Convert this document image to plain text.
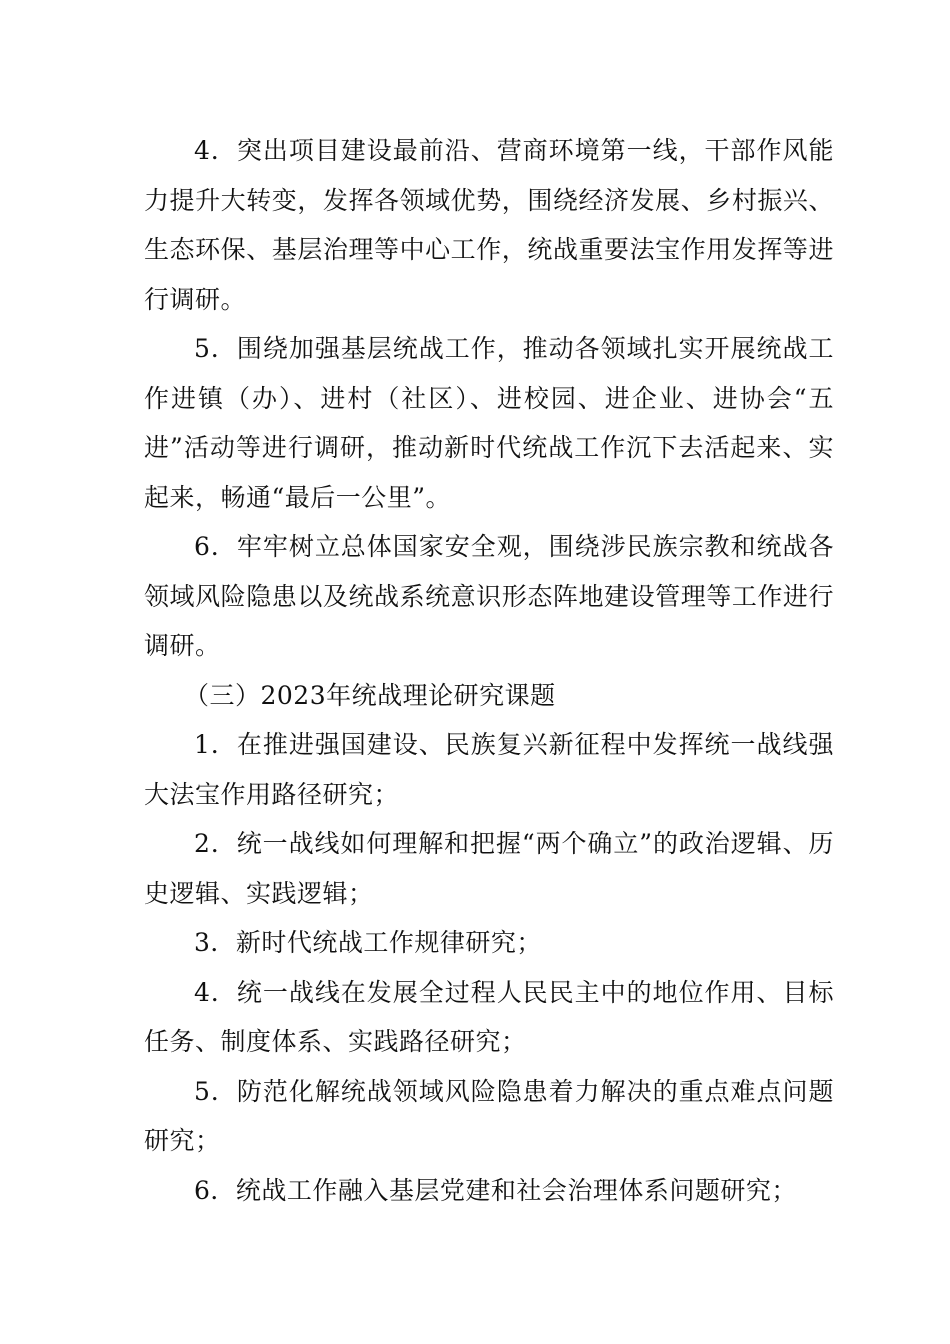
4．突出项目建设最前沿、营商环境第一线，干部作风能力提升大转变，发挥各领域优势，围绕经济发展、乡村振兴、生态环保、基层治理等中心工作，统战重要法宝作用发挥等进行调研。

5．围绕加强基层统战工作，推动各领域扎实开展统战工作进镇（办）、进村（社区）、进校园、进企业、进协会“五进”活动等进行调研，推动新时代统战工作沉下去活起来、实起来，畅通“最后一公里”。

6．牢牢树立总体国家安全观，围绕涉民族宗教和统战各领域风险隐患以及统战系统意识形态阵地建设管理等工作进行调研。

（三）2023年统战理论研究课题

1．在推进强国建设、民族复兴新征程中发挥统一战线强大法宝作用路径研究；

2．统一战线如何理解和把握“两个确立”的政治逻辑、历史逻辑、实践逻辑；

3．新时代统战工作规律研究；

4．统一战线在发展全过程人民民主中的地位作用、目标任务、制度体系、实践路径研究；

5．防范化解统战领域风险隐患着力解决的重点难点问题研究；

6．统战工作融入基层党建和社会治理体系问题研究；
